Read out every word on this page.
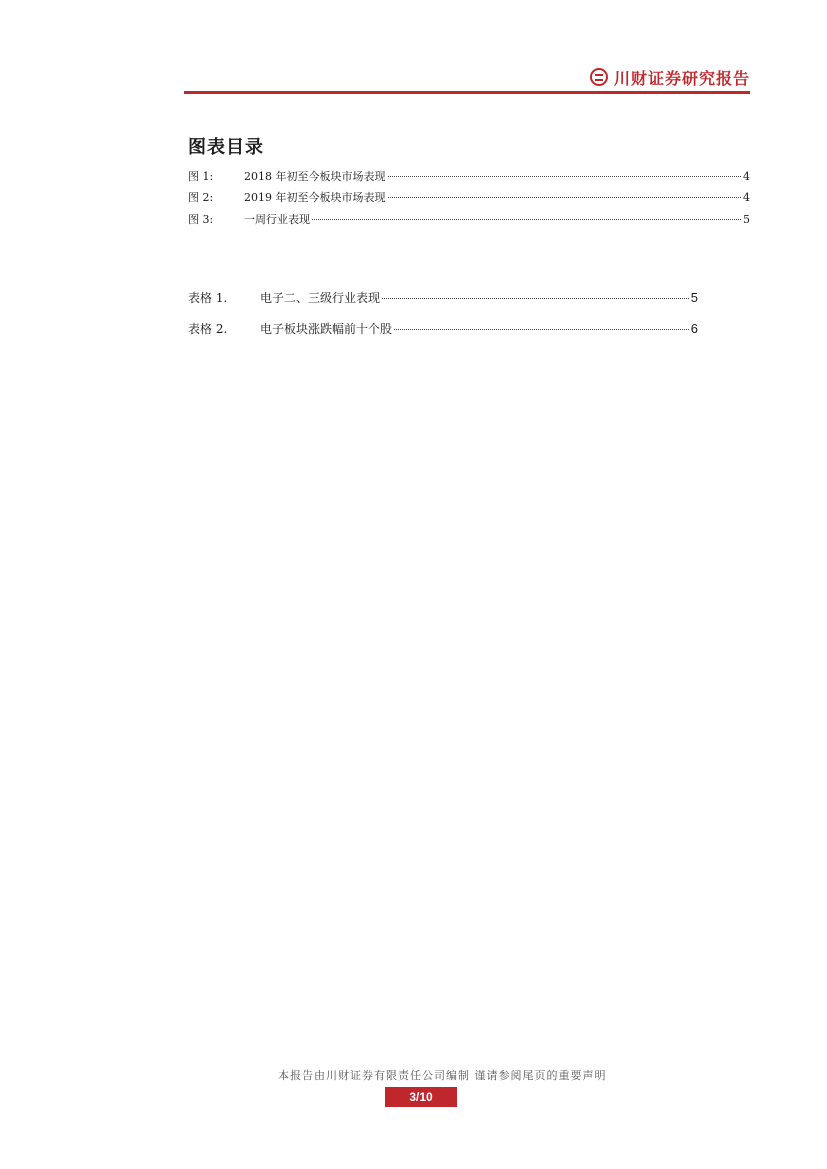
川财证券研究报告
图表目录
图 1:	2018 年初至今板块市场表现	4
图 2:	2019 年初至今板块市场表现	4
图 3:	一周行业表现	5
表格 1.	电子二、三级行业表现	5
表格 2.	电子板块涨跌幅前十个股	6
本报告由川财证券有限责任公司编制 谨请参阅尾页的重要声明
3/10
